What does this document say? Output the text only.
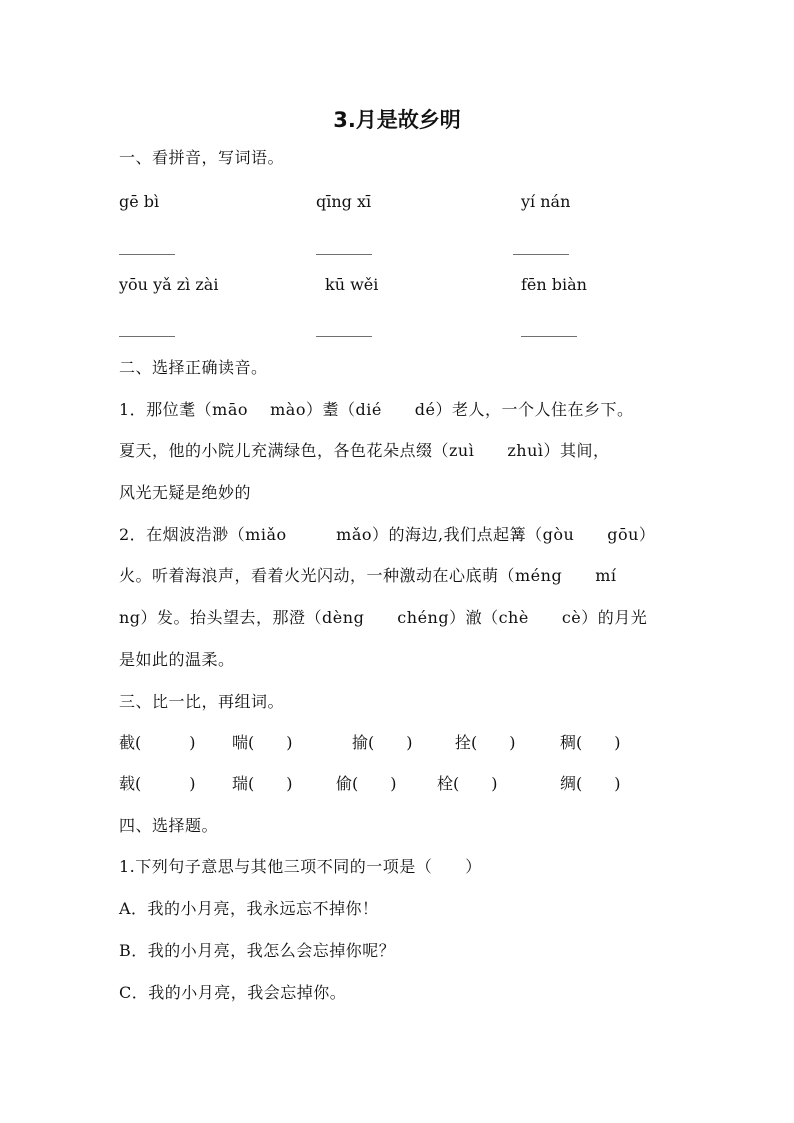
3.月是故乡明
一、看拼音，写词语。
gē bì	qīng xī	yí nán
_______	_______	_______
yōu yǎ zì zài	kū wěi	fēn biàn
_______	_______	_______
二、选择正确读音。
1．那位耄（māo　 mào）耋（dié　　dé）老人，一个人住在乡下。
夏天，他的小院儿充满绿色，各色花朵点缀（zuì　　zhuì）其间，
风光无疑是绝妙的
2．在烟波浩渺（miǎo　　　mǎo）的海边,我们点起篝（gòu　　gōu）
火。听着海浪声，看着火光闪动，一种激动在心底萌（méng　　mí
ng）发。抬头望去，那澄（dèng　　chéng）澈（chè　　cè）的月光
是如此的温柔。
三、比一比，再组词。
截(　　　) 喘(　　)	揄(　　)	拴(　　)	稠(　　)
载(　　　) 瑞(　　)	偷(　　)	栓(　　)	绸(　　)
四、选择题。
1.下列句子意思与其他三项不同的一项是（　　）
A．我的小月亮，我永远忘不掉你！
B．我的小月亮，我怎么会忘掉你呢？
C．我的小月亮，我会忘掉你。
